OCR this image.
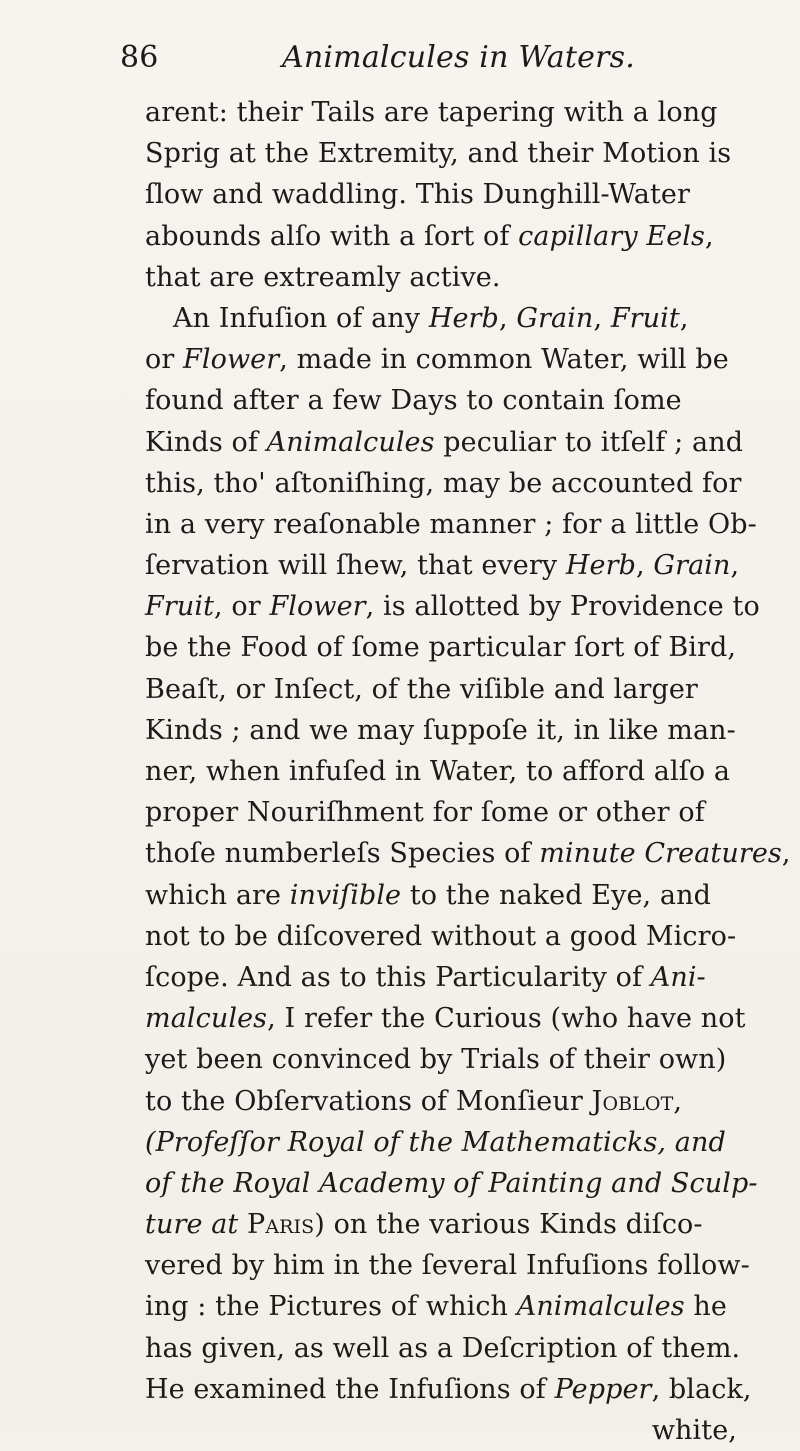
86	Animalcules in Waters.
arent: their Tails are tapering with a long
Sprig at the Extremity, and their Motion is
ſlow and waddling. This Dunghill-Water
abounds alſo with a ſort of capillary Eels,
that are extreamly active.
An Infuſion of any Herb, Grain, Fruit,
or Flower, made in common Water, will be
found after a few Days to contain ſome
Kinds of Animalcules peculiar to itſelf ; and
this, tho' aſtoniſhing, may be accounted for
in a very reaſonable manner ; for a little Ob-
ſervation will ſhew, that every Herb, Grain,
Fruit, or Flower, is allotted by Providence to
be the Food of ſome particular ſort of Bird,
Beaſt, or Inſect, of the viſible and larger
Kinds ; and we may ſuppoſe it, in like man-
ner, when infuſed in Water, to afford alſo a
proper Nouriſhment for ſome or other of
thoſe numberleſs Species of minute Creatures,
which are inviſible to the naked Eye, and
not to be diſcovered without a good Micro-
ſcope. And as to this Particularity of Ani-
malcules, I refer the Curious (who have not
yet been convinced by Trials of their own)
to the Obſervations of Monſieur Joblot,
(Profeſſor Royal of the Mathematicks, and
of the Royal Academy of Painting and Sculp-
ture at Paris) on the various Kinds diſco-
vered by him in the ſeveral Infuſions follow-
ing : the Pictures of which Animalcules he
has given, as well as a Deſcription of them.
He examined the Infuſions of Pepper, black,
white,
